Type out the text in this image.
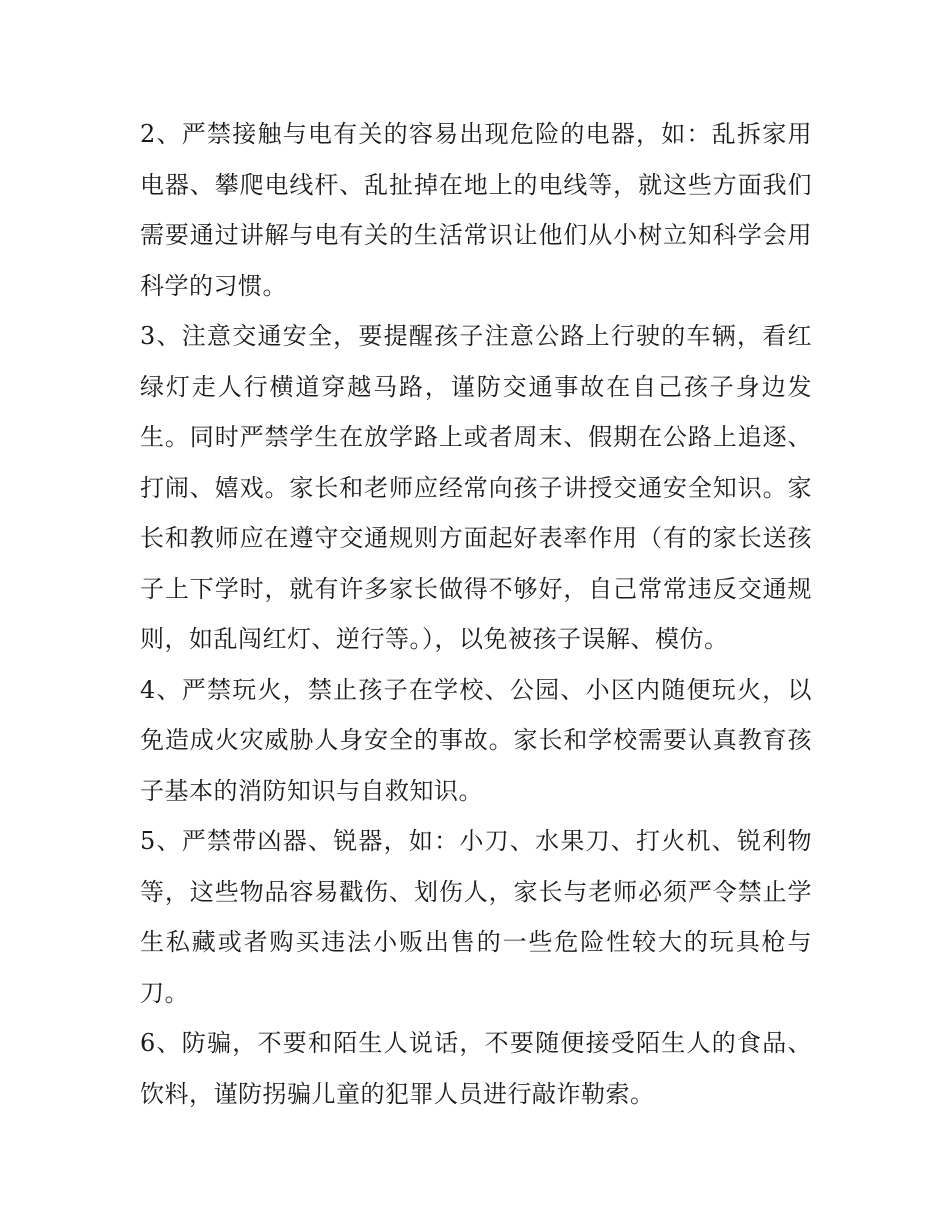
2、严禁接触与电有关的容易出现危险的电器，如：乱拆家用电器、攀爬电线杆、乱扯掉在地上的电线等，就这些方面我们需要通过讲解与电有关的生活常识让他们从小树立知科学会用科学的习惯。

3、注意交通安全，要提醒孩子注意公路上行驶的车辆，看红绿灯走人行横道穿越马路，谨防交通事故在自己孩子身边发生。同时严禁学生在放学路上或者周末、假期在公路上追逐、打闹、嬉戏。家长和老师应经常向孩子讲授交通安全知识。家长和教师应在遵守交通规则方面起好表率作用（有的家长送孩子上下学时，就有许多家长做得不够好，自己常常违反交通规则，如乱闯红灯、逆行等。），以免被孩子误解、模仿。

4、严禁玩火，禁止孩子在学校、公园、小区内随便玩火，以免造成火灾威胁人身安全的事故。家长和学校需要认真教育孩子基本的消防知识与自救知识。

5、严禁带凶器、锐器，如：小刀、水果刀、打火机、锐利物等，这些物品容易戳伤、划伤人，家长与老师必须严令禁止学生私藏或者购买违法小贩出售的一些危险性较大的玩具枪与刀。

6、防骗，不要和陌生人说话，不要随便接受陌生人的食品、饮料，谨防拐骗儿童的犯罪人员进行敲诈勒索。
